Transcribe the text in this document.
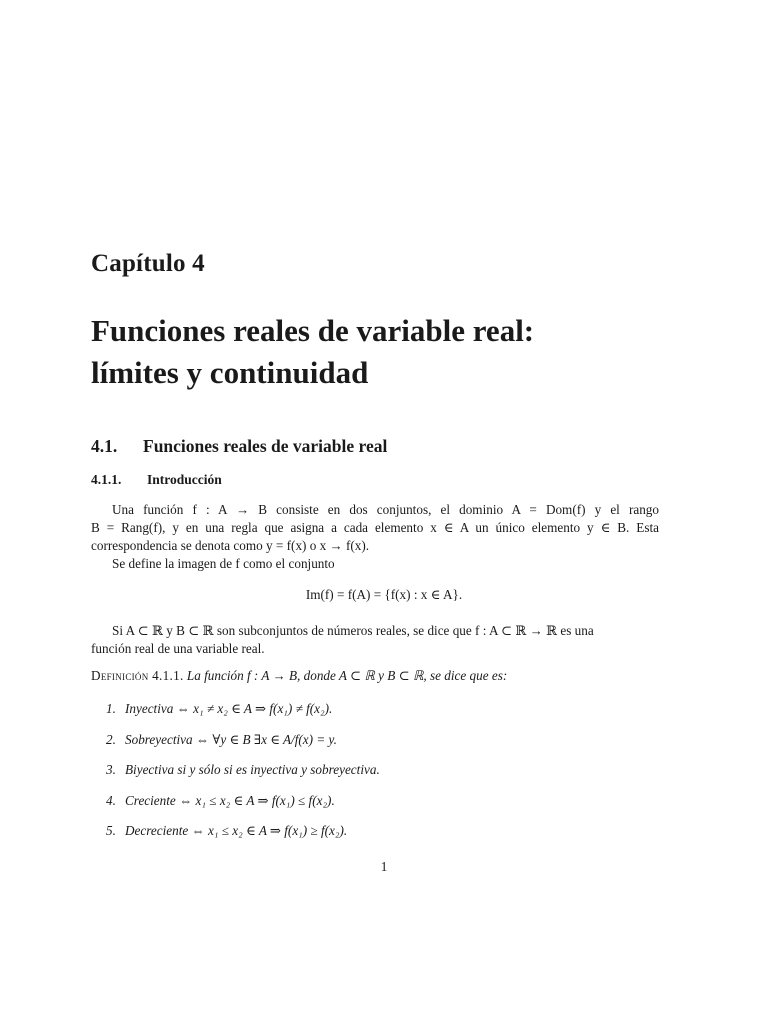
Capítulo 4
Funciones reales de variable real:
límites y continuidad
4.1. Funciones reales de variable real
4.1.1. Introducción
Una función f : A → B consiste en dos conjuntos, el dominio A = Dom(f) y el rango
B = Rang(f), y en una regla que asigna a cada elemento x ∈ A un único elemento y ∈ B. Esta
correspondencia se denota como y = f(x) o x → f(x).
Se define la imagen de f como el conjunto
Im(f) = f(A) = {f(x) : x ∈ A}.
Si A ⊂ ℝ y B ⊂ ℝ son subconjuntos de números reales, se dice que f : A ⊂ ℝ → ℝ es una
función real de una variable real.
Definición 4.1.1. La función f : A → B, donde A ⊂ ℝ y B ⊂ ℝ, se dice que es:
1. Inyectiva ⇔ x₁ ≠ x₂ ∈ A ⇒ f(x₁) ≠ f(x₂).
2. Sobreyectiva ⇔ ∀y ∈ B ∃x ∈ A/f(x) = y.
3. Biyectiva si y sólo si es inyectiva y sobreyectiva.
4. Creciente ⇔ x₁ ≤ x₂ ∈ A ⇒ f(x₁) ≤ f(x₂).
5. Decreciente ⇔ x₁ ≤ x₂ ∈ A ⇒ f(x₁) ≥ f(x₂).
1
